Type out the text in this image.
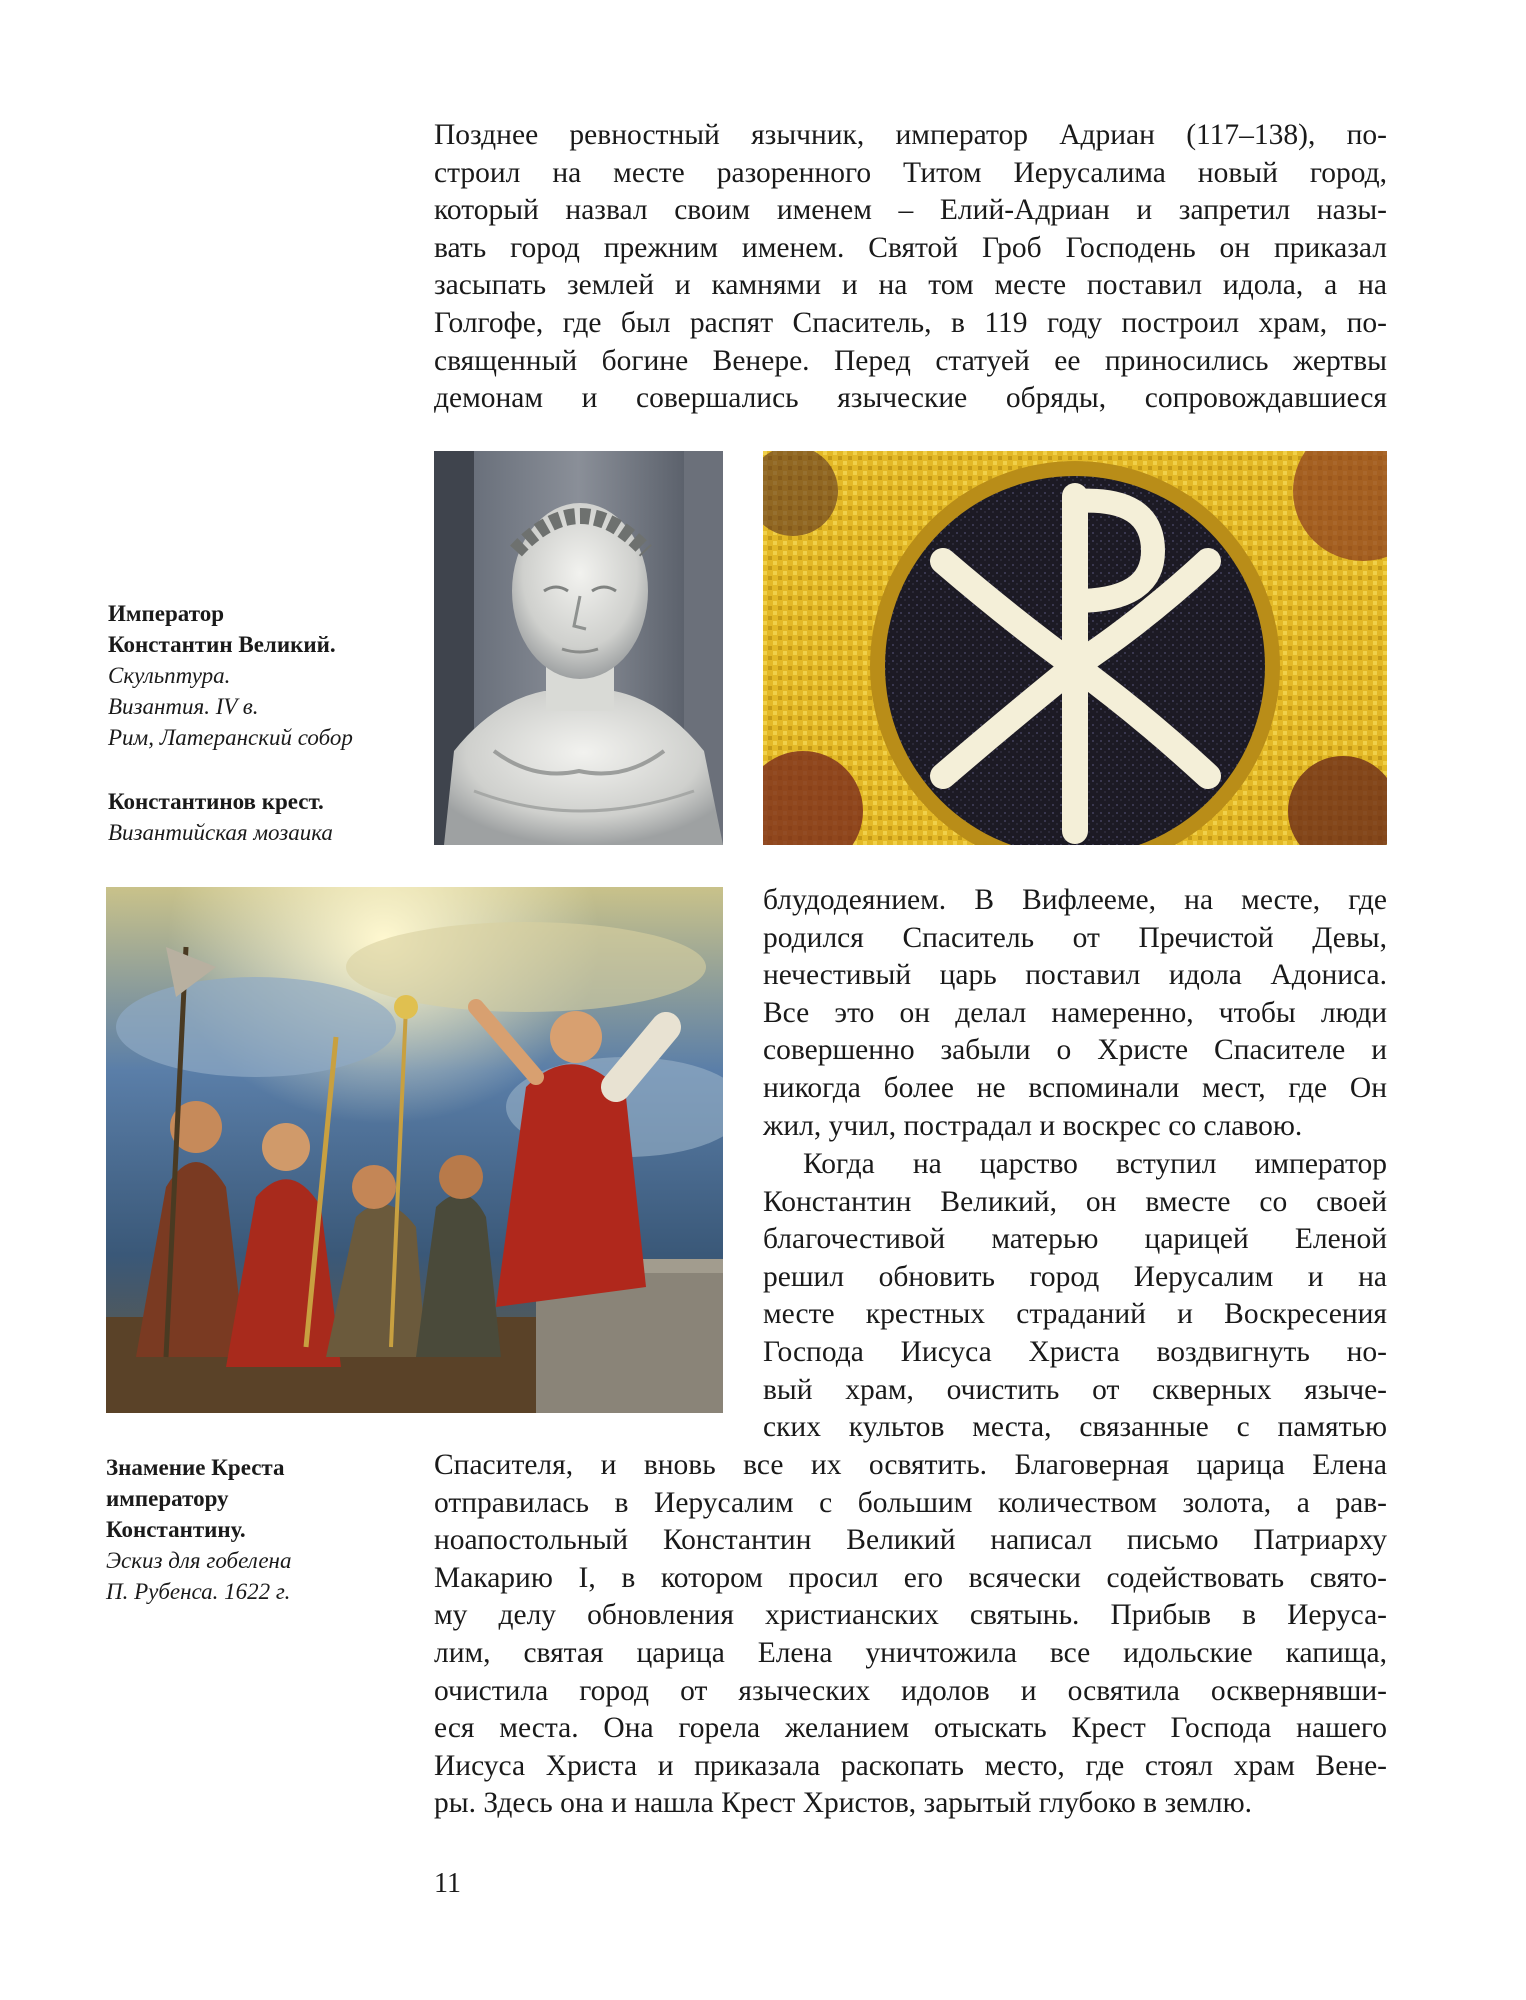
Позднее ревностный язычник, император Адриан (117–138), по-

строил на месте разоренного Титом Иерусалима новый город,

который назвал своим именем – Елий-Адриан и запретил назы-

вать город прежним именем. Святой Гроб Господень он приказал

засыпать землей и камнями и на том месте поставил идола, а на

Голгофе, где был распят Спаситель, в 119 году построил храм, по-

священный богине Венере. Перед статуей ее приносились жертвы

демонам и совершались языческие обряды, сопровождавшиеся

Император
Константин Великий.
Скульптура.
Византия. IV в.
Рим, Латеранский собор
Константинов крест.
Византийская мозаика

блудодеянием. В Вифлееме, на месте, где

родился Спаситель от Пречистой Девы,

нечестивый царь поставил идола Адониса.

Все это он делал намеренно, чтобы люди

совершенно забыли о Христе Спасителе и

никогда более не вспоминали мест, где Он

жил, учил, пострадал и воскрес со славою.

Когда на царство вступил император

Константин Великий, он вместе со своей

благочестивой матерью царицей Еленой

решил обновить город Иерусалим и на

месте крестных страданий и Воскресения

Господа Иисуса Христа воздвигнуть но-

вый храм, очистить от скверных языче-

ских культов места, связанные с памятью

Спасителя, и вновь все их освятить. Благоверная царица Елена

отправилась в Иерусалим с большим количеством золота, а рав-

ноапостольный Константин Великий написал письмо Патриарху

Макарию I, в котором просил его всячески содействовать свято-

му делу обновления христианских святынь. Прибыв в Иеруса-

лим, святая царица Елена уничтожила все идольские капища,

очистила город от языческих идолов и освятила осквернявши-

еся места. Она горела желанием отыскать Крест Господа нашего

Иисуса Христа и приказала раскопать место, где стоял храм Вене-

ры. Здесь она и нашла Крест Христов, зарытый глубоко в землю.

Знамение Креста
императору
Константину.
Эскиз для гобелена
П. Рубенса. 1622 г.
11
